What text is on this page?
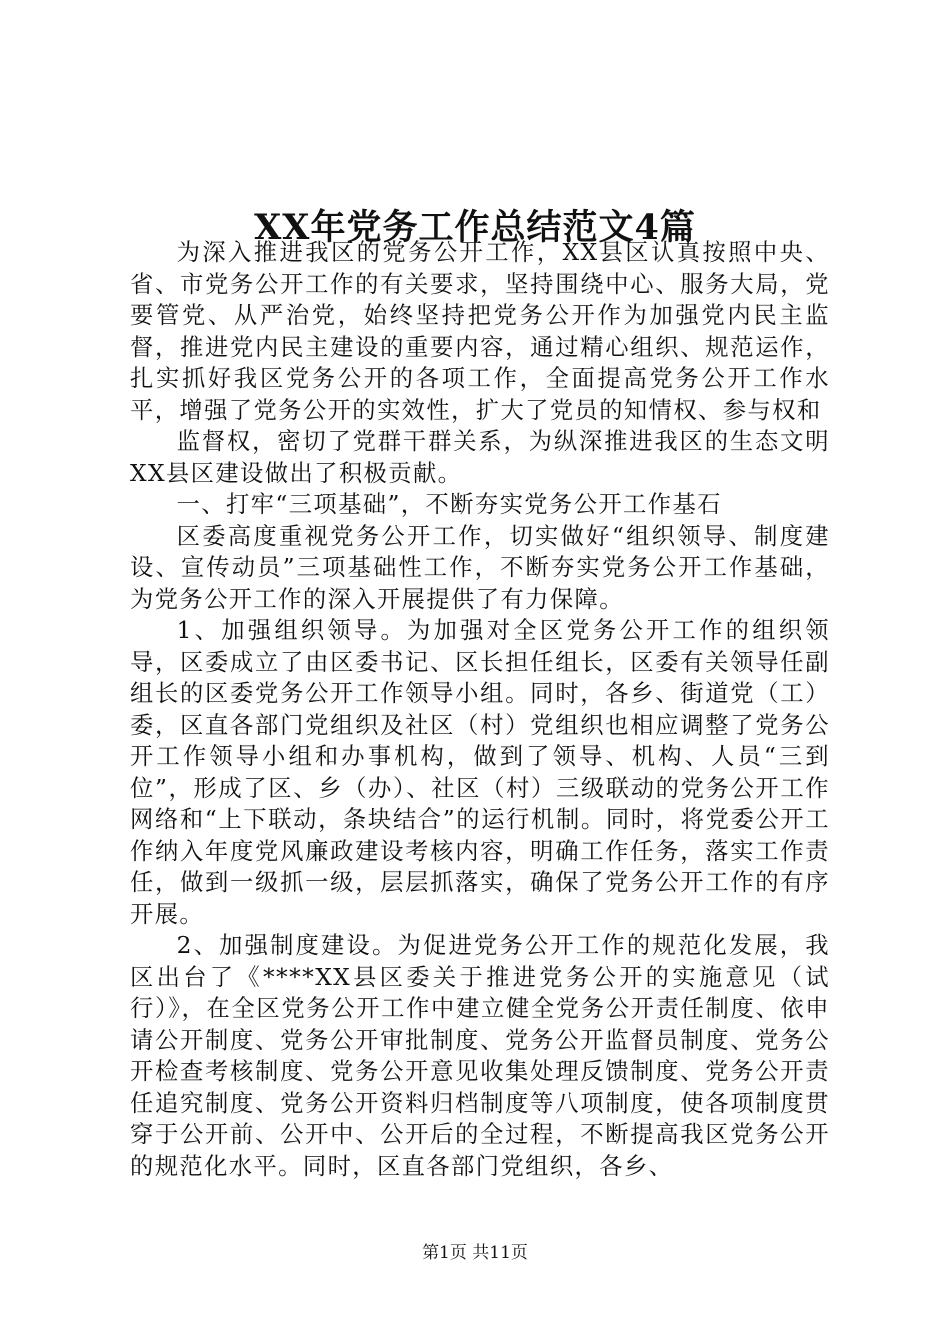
XX年党务工作总结范文4篇

为深入推进我区的党务公开工作，XX县区认真按照中央、省、市党务公开工作的有关要求，坚持围绕中心、服务大局，党要管党、从严治党，始终坚持把党务公开作为加强党内民主监督，推进党内民主建设的重要内容，通过精心组织、规范运作，扎实抓好我区党务公开的各项工作，全面提高党务公开工作水平，增强了党务公开的实效性，扩大了党员的知情权、参与权和

监督权，密切了党群干群关系，为纵深推进我区的生态文明XX县区建设做出了积极贡献。

一、打牢“三项基础”，不断夯实党务公开工作基石

区委高度重视党务公开工作，切实做好“组织领导、制度建设、宣传动员”三项基础性工作，不断夯实党务公开工作基础，为党务公开工作的深入开展提供了有力保障。

1、加强组织领导。为加强对全区党务公开工作的组织领导，区委成立了由区委书记、区长担任组长，区委有关领导任副组长的区委党务公开工作领导小组。同时，各乡、街道党（工）委，区直各部门党组织及社区（村）党组织也相应调整了党务公开工作领导小组和办事机构，做到了领导、机构、人员“三到位”，形成了区、乡（办）、社区（村）三级联动的党务公开工作网络和“上下联动，条块结合”的运行机制。同时，将党委公开工作纳入年度党风廉政建设考核内容，明确工作任务，落实工作责任，做到一级抓一级，层层抓落实，确保了党务公开工作的有序开展。

2、加强制度建设。为促进党务公开工作的规范化发展，我区出台了《****XX县区委关于推进党务公开的实施意见（试行）》，在全区党务公开工作中建立健全党务公开责任制度、依申请公开制度、党务公开审批制度、党务公开监督员制度、党务公开检查考核制度、党务公开意见收集处理反馈制度、党务公开责任追究制度、党务公开资料归档制度等八项制度，使各项制度贯穿于公开前、公开中、公开后的全过程，不断提高我区党务公开的规范化水平。同时，区直各部门党组织，各乡、

第1页 共11页
